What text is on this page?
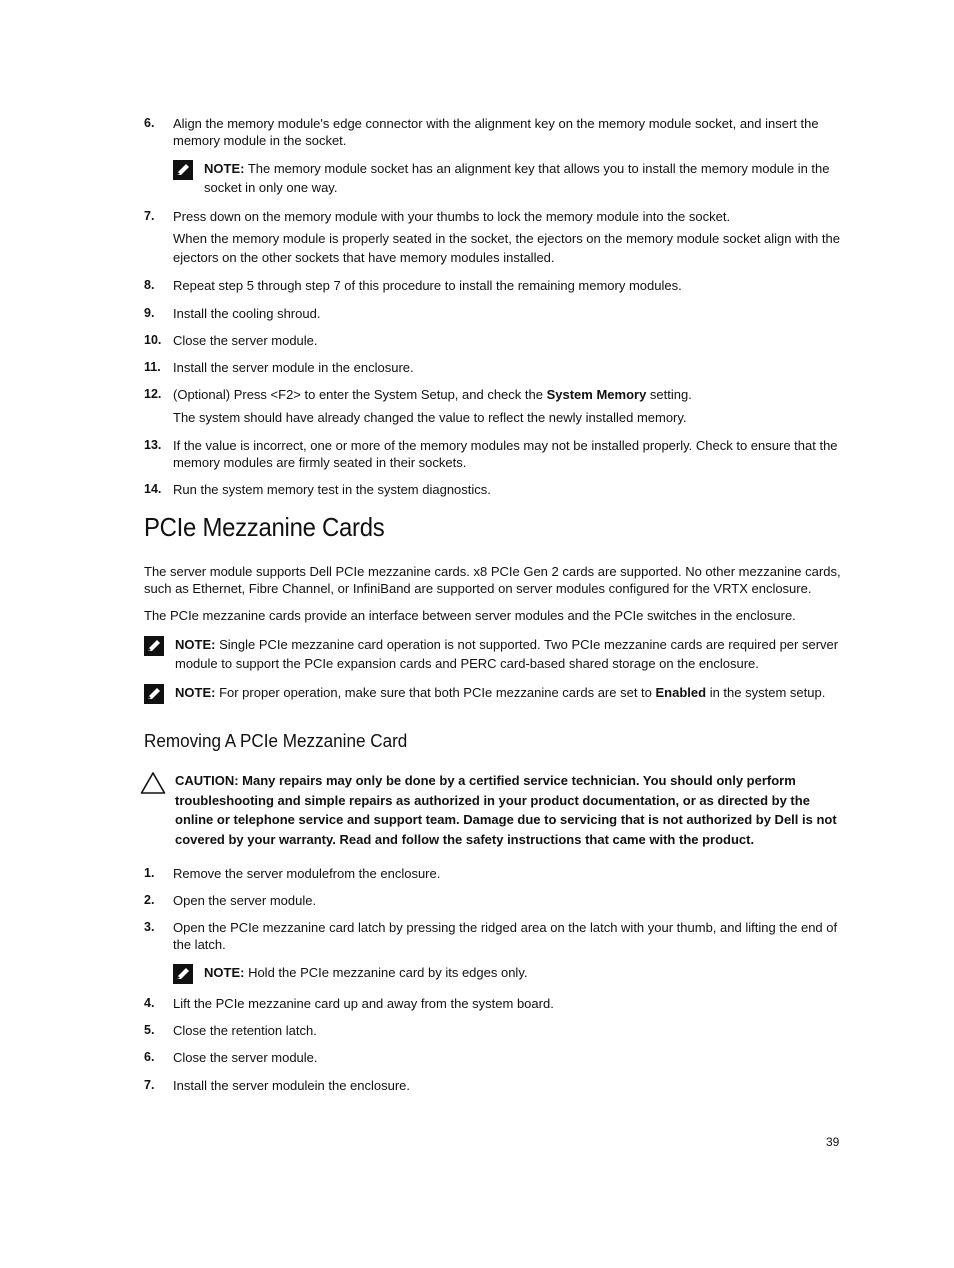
6. Align the memory module's edge connector with the alignment key on the memory module socket, and insert the memory module in the socket.
NOTE: The memory module socket has an alignment key that allows you to install the memory module in the socket in only one way.
7. Press down on the memory module with your thumbs to lock the memory module into the socket.
When the memory module is properly seated in the socket, the ejectors on the memory module socket align with the ejectors on the other sockets that have memory modules installed.
8. Repeat step 5 through step 7 of this procedure to install the remaining memory modules.
9. Install the cooling shroud.
10. Close the server module.
11. Install the server module in the enclosure.
12. (Optional) Press <F2> to enter the System Setup, and check the System Memory setting.
The system should have already changed the value to reflect the newly installed memory.
13. If the value is incorrect, one or more of the memory modules may not be installed properly. Check to ensure that the memory modules are firmly seated in their sockets.
14. Run the system memory test in the system diagnostics.
PCIe Mezzanine Cards
The server module supports Dell PCIe mezzanine cards. x8 PCIe Gen 2 cards are supported. No other mezzanine cards, such as Ethernet, Fibre Channel, or InfiniBand are supported on server modules configured for the VRTX enclosure.
The PCIe mezzanine cards provide an interface between server modules and the PCIe switches in the enclosure.
NOTE: Single PCIe mezzanine card operation is not supported. Two PCIe mezzanine cards are required per server module to support the PCIe expansion cards and PERC card-based shared storage on the enclosure.
NOTE: For proper operation, make sure that both PCIe mezzanine cards are set to Enabled in the system setup.
Removing A PCIe Mezzanine Card
CAUTION: Many repairs may only be done by a certified service technician. You should only perform troubleshooting and simple repairs as authorized in your product documentation, or as directed by the online or telephone service and support team. Damage due to servicing that is not authorized by Dell is not covered by your warranty. Read and follow the safety instructions that came with the product.
1. Remove the server modulefrom the enclosure.
2. Open the server module.
3. Open the PCIe mezzanine card latch by pressing the ridged area on the latch with your thumb, and lifting the end of the latch.
NOTE: Hold the PCIe mezzanine card by its edges only.
4. Lift the PCIe mezzanine card up and away from the system board.
5. Close the retention latch.
6. Close the server module.
7. Install the server modulein the enclosure.
39
